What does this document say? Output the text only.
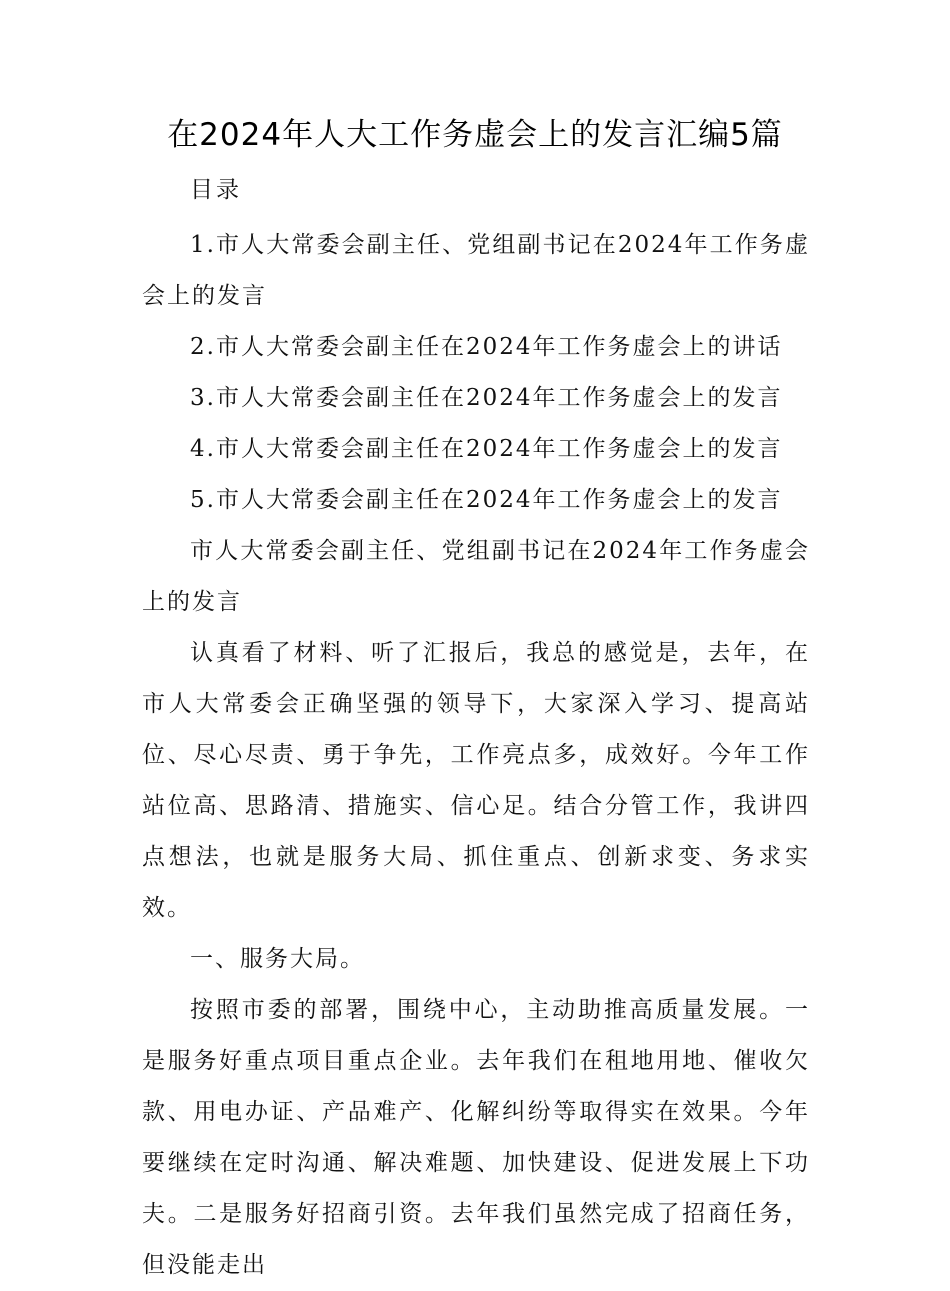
在2024年人大工作务虚会上的发言汇编5篇

目录

1.市人大常委会副主任、党组副书记在2024年工作务虚会上的发言

2.市人大常委会副主任在2024年工作务虚会上的讲话

3.市人大常委会副主任在2024年工作务虚会上的发言

4.市人大常委会副主任在2024年工作务虚会上的发言

5.市人大常委会副主任在2024年工作务虚会上的发言

市人大常委会副主任、党组副书记在2024年工作务虚会上的发言

认真看了材料、听了汇报后，我总的感觉是，去年，在市人大常委会正确坚强的领导下，大家深入学习、提高站位、尽心尽责、勇于争先，工作亮点多，成效好。今年工作站位高、思路清、措施实、信心足。结合分管工作，我讲四点想法，也就是服务大局、抓住重点、创新求变、务求实效。

一、服务大局。

按照市委的部署，围绕中心，主动助推高质量发展。一是服务好重点项目重点企业。去年我们在租地用地、催收欠款、用电办证、产品难产、化解纠纷等取得实在效果。今年要继续在定时沟通、解决难题、加快建设、促进发展上下功夫。二是服务好招商引资。去年我们虽然完成了招商任务，但没能走出
